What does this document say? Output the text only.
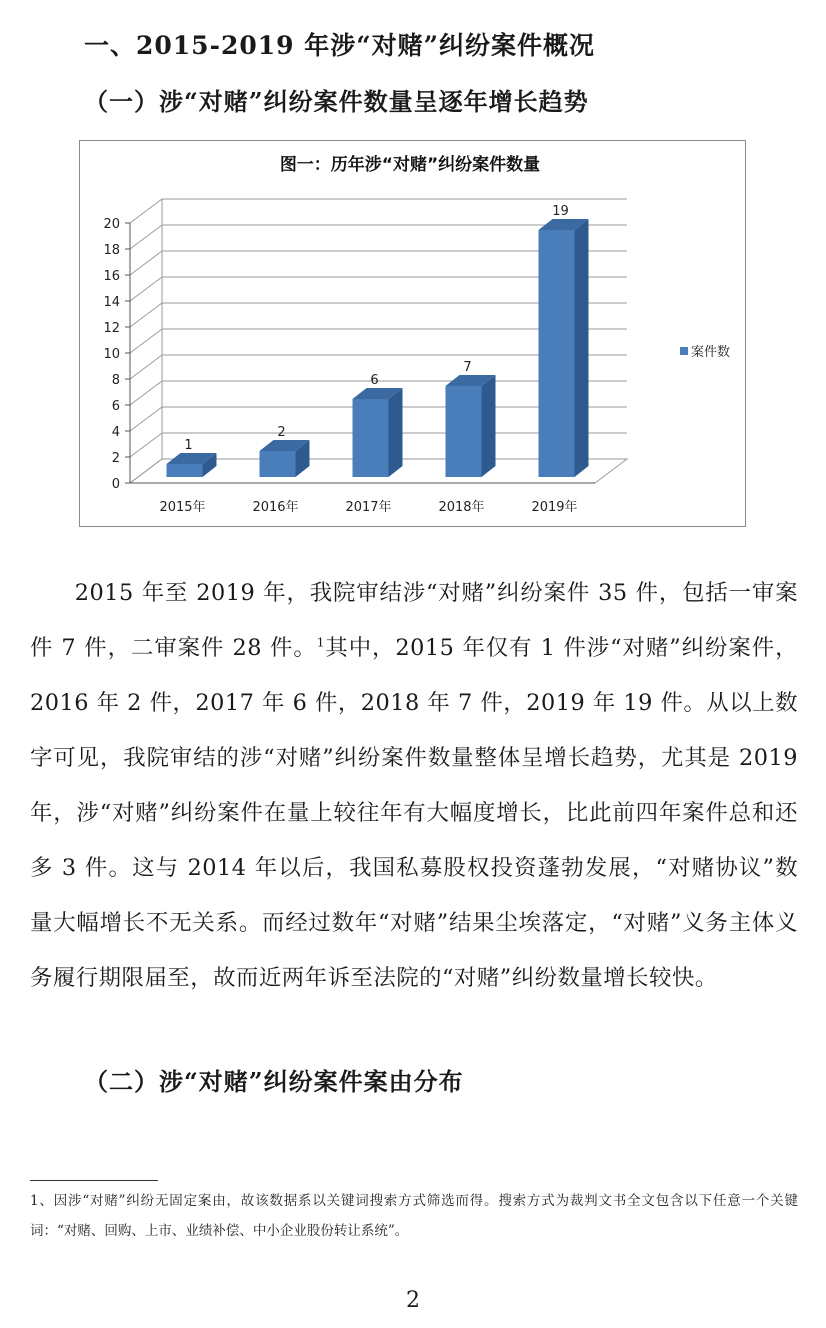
一、2015-2019 年涉“对赌”纠纷案件概况
（一）涉“对赌”纠纷案件数量呈逐年增长趋势
图一：历年涉“对赌”纠纷案件数量
0
2
4
6
8
10
12
14
16
18
20
1
2015年
2
2016年
6
2017年
7
2018年
19
2019年
案件数
2015 年至 2019 年，我院审结涉“对赌”纠纷案件 35 件，包括一审案件 7 件，二审案件 28 件。$^1$其中，2015 年仅有 1 件涉“对赌”纠纷案件，2016 年 2 件，2017 年 6 件，2018 年 7 件，2019 年 19 件。从以上数字可见，我院审结的涉“对赌”纠纷案件数量整体呈增长趋势，尤其是 2019 年，涉“对赌”纠纷案件在量上较往年有大幅度增长，比此前四年案件总和还多 3 件。这与 2014 年以后，我国私募股权投资蓬勃发展，“对赌协议”数量大幅增长不无关系。而经过数年“对赌”结果尘埃落定，“对赌”义务主体义务履行期限届至，故而近两年诉至法院的“对赌”纠纷数量增长较快。
（二）涉“对赌”纠纷案件案由分布
1、因涉“对赌”纠纷无固定案由，故该数据系以关键词搜索方式筛选而得。搜索方式为裁判文书全文包含以下任意一个关键词：“对赌、回购、上市、业绩补偿、中小企业股份转让系统”。
2
